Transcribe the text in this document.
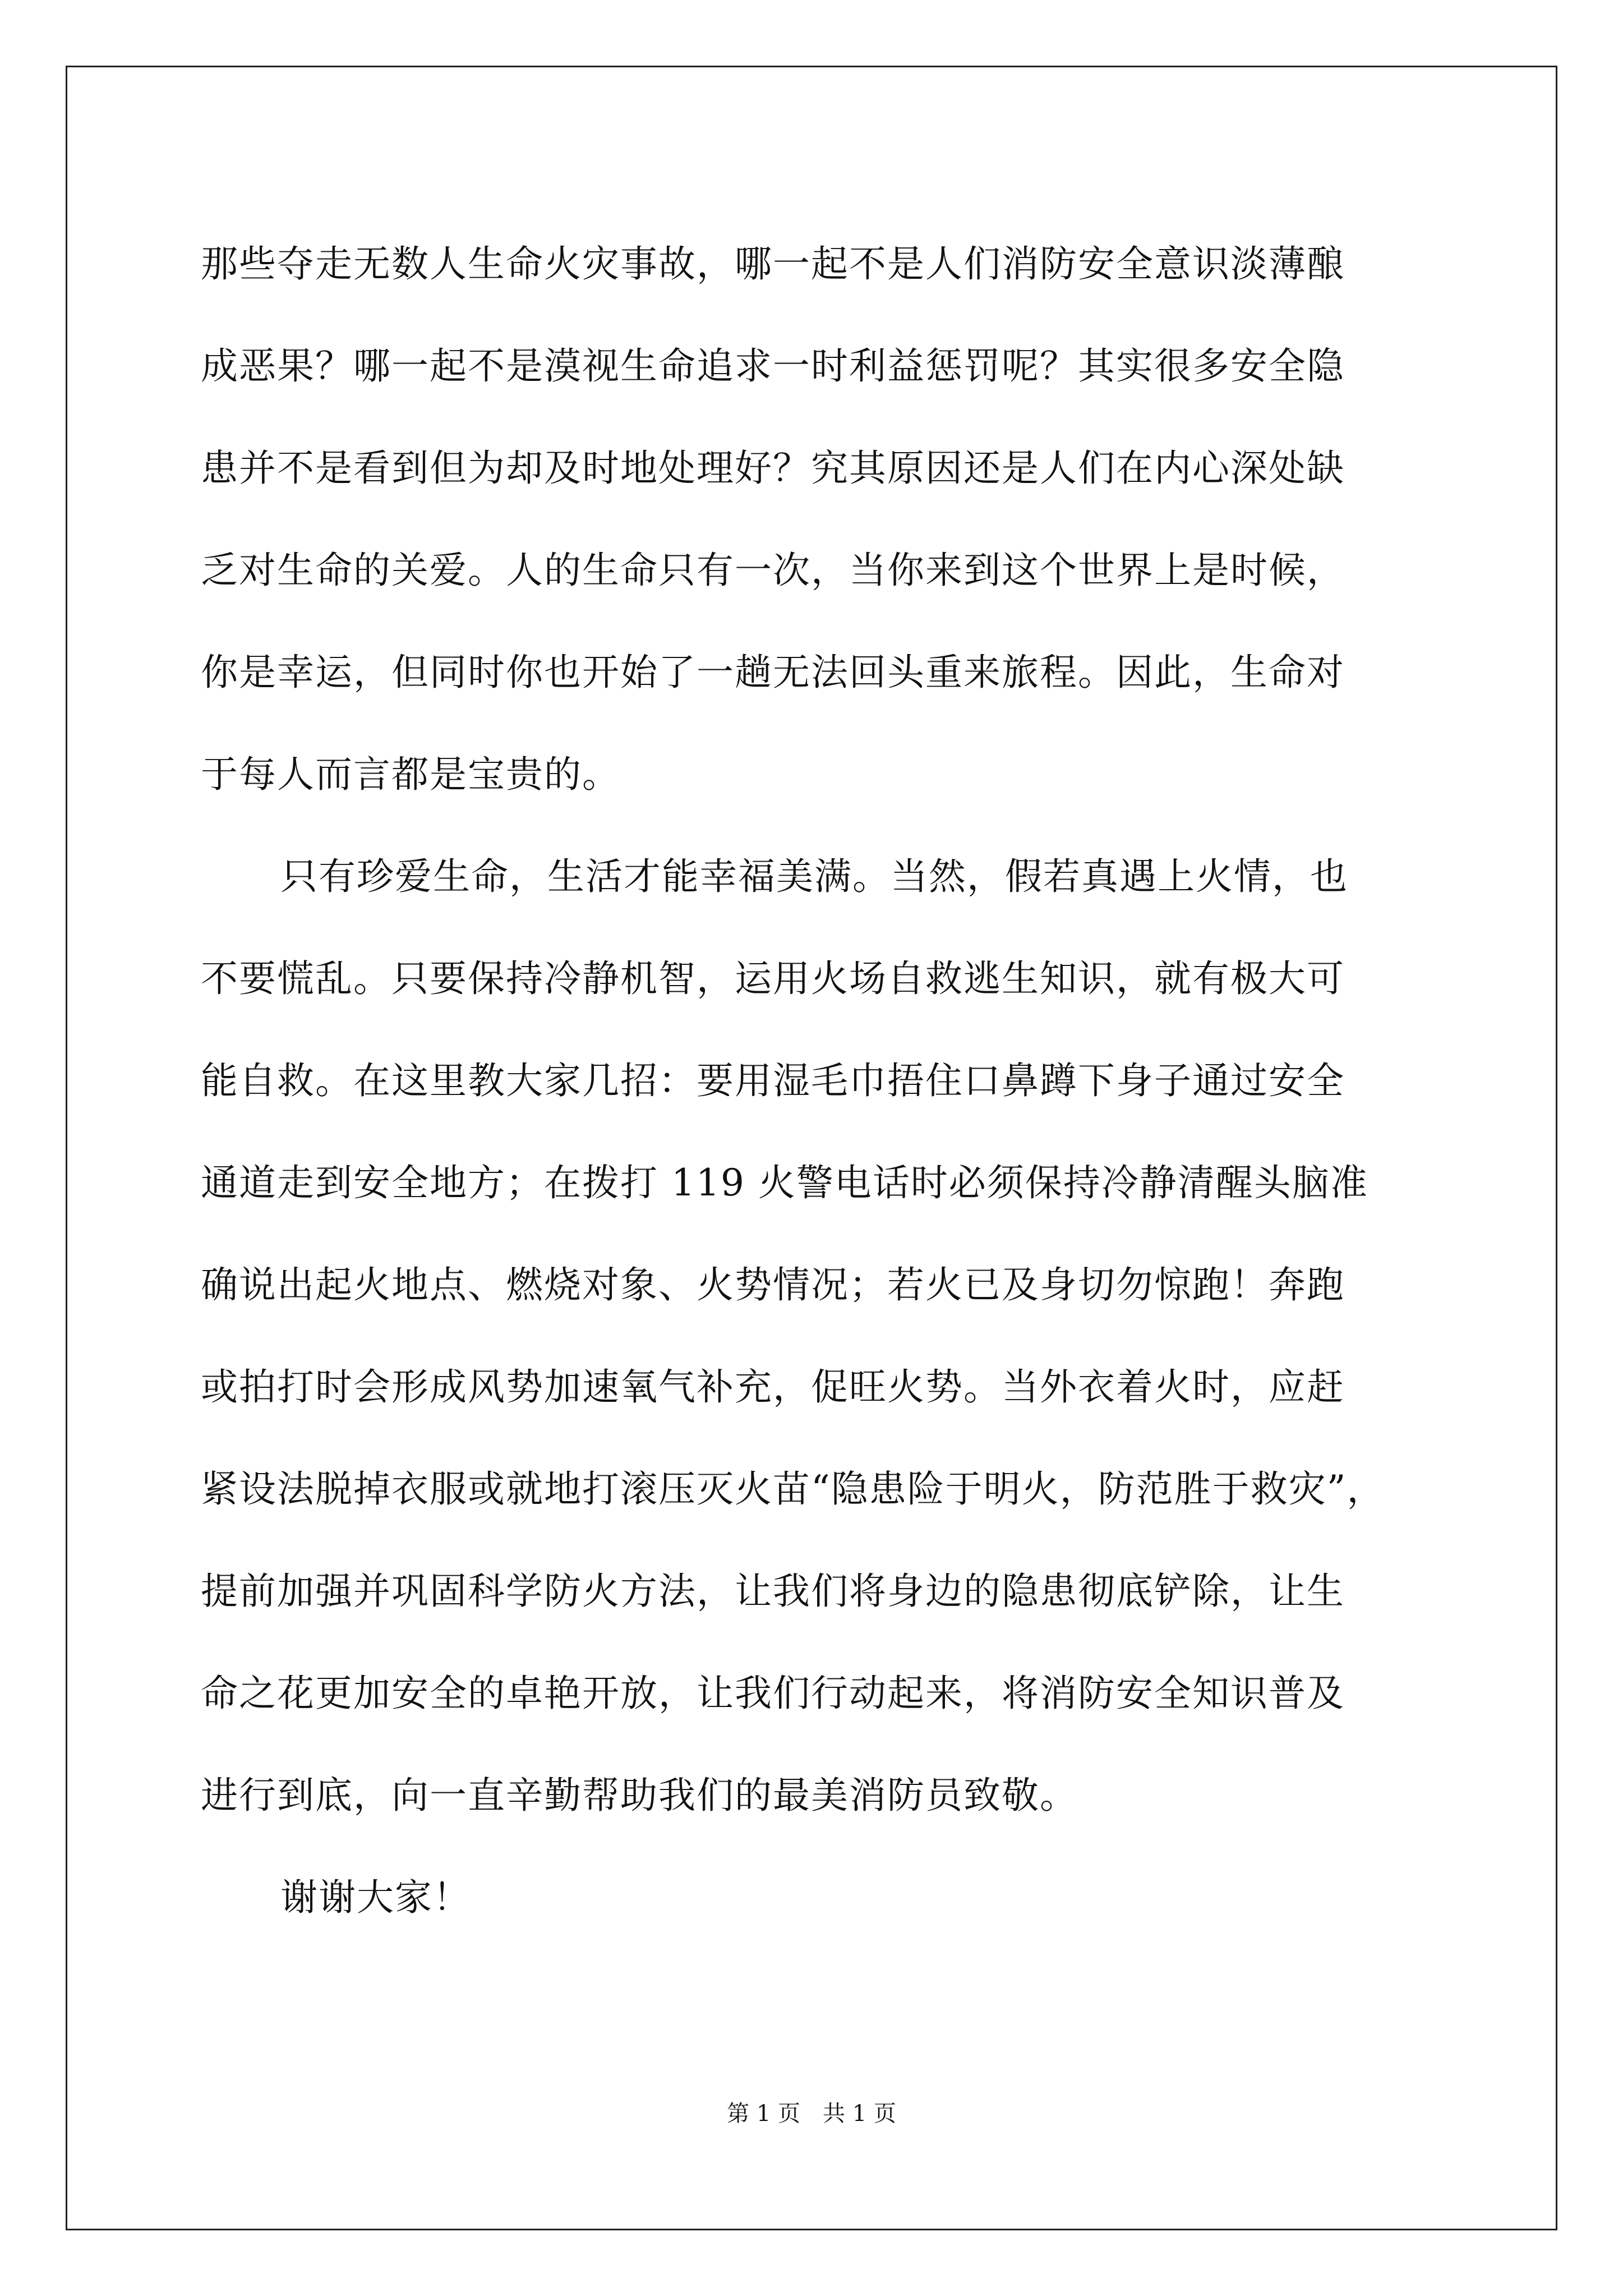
那些夺走无数人生命火灾事故，哪一起不是人们消防安全意识淡薄酿
成恶果？哪一起不是漠视生命追求一时利益惩罚呢？其实很多安全隐
患并不是看到但为却及时地处理好？究其原因还是人们在内心深处缺
乏对生命的关爱。人的生命只有一次，当你来到这个世界上是时候，
你是幸运，但同时你也开始了一趟无法回头重来旅程。因此，生命对
于每人而言都是宝贵的。
只有珍爱生命，生活才能幸福美满。当然，假若真遇上火情，也
不要慌乱。只要保持冷静机智，运用火场自救逃生知识，就有极大可
能自救。在这里教大家几招：要用湿毛巾捂住口鼻蹲下身子通过安全
通道走到安全地方；在拨打 119 火警电话时必须保持冷静清醒头脑准
确说出起火地点、燃烧对象、火势情况；若火已及身切勿惊跑！奔跑
或拍打时会形成风势加速氧气补充，促旺火势。当外衣着火时，应赶
紧设法脱掉衣服或就地打滚压灭火苗“隐患险于明火，防范胜于救灾”，
提前加强并巩固科学防火方法，让我们将身边的隐患彻底铲除，让生
命之花更加安全的卓艳开放，让我们行动起来，将消防安全知识普及
进行到底，向一直辛勤帮助我们的最美消防员致敬。
谢谢大家！
第 1 页 共 1 页
